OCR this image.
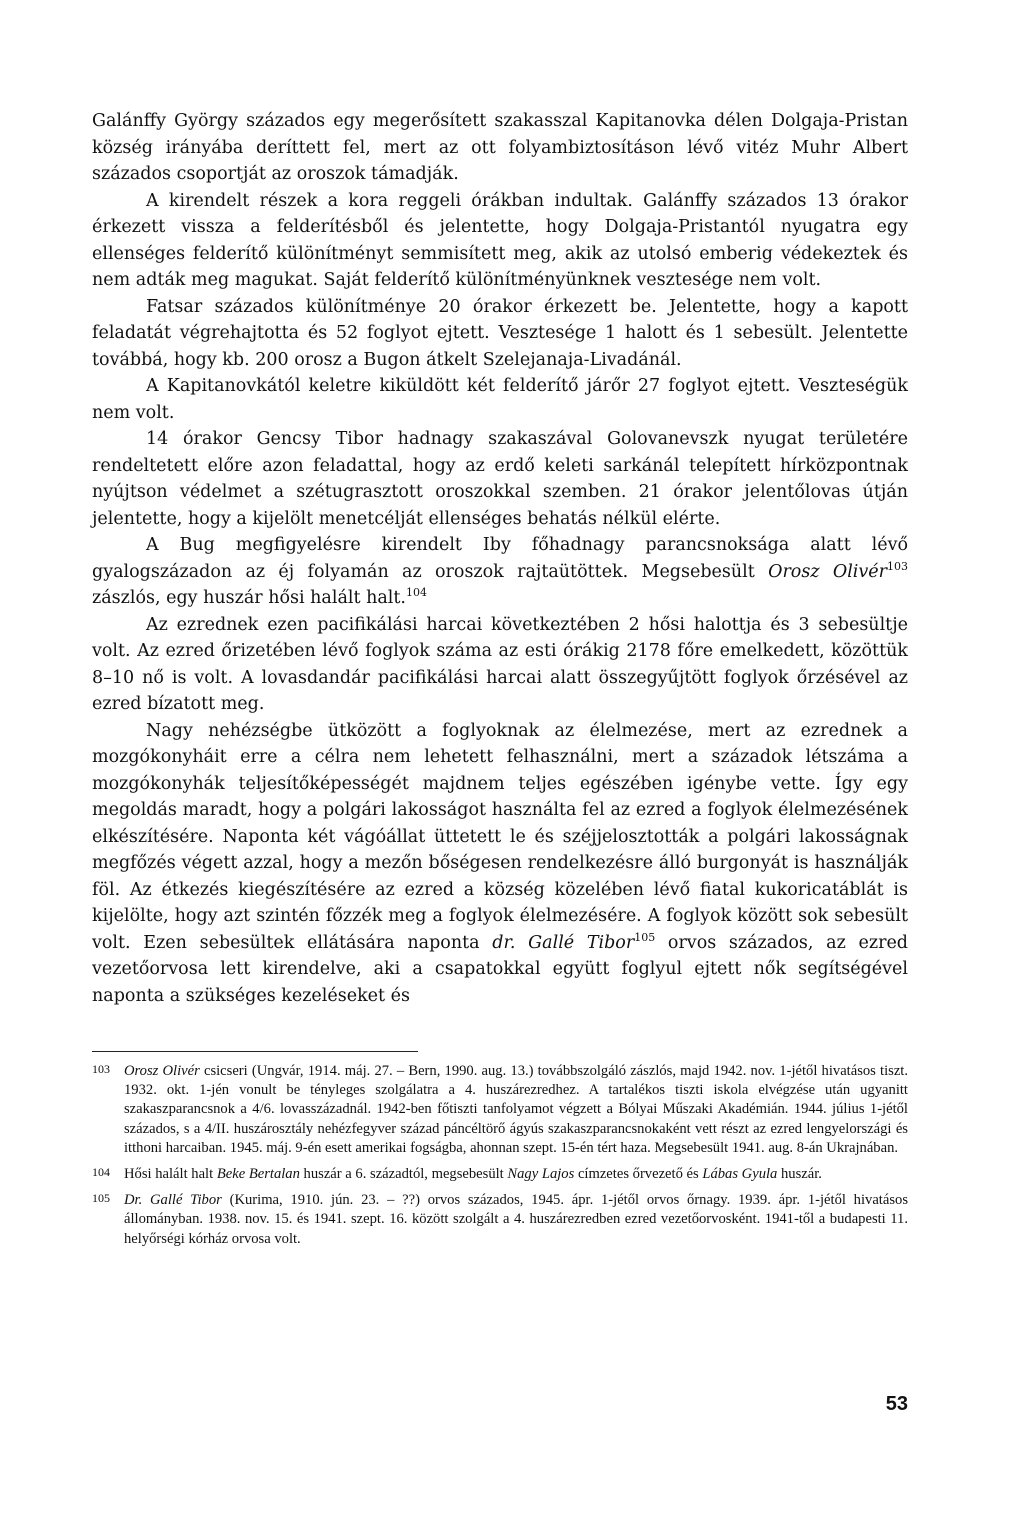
Galánffy György százados egy megerősített szakasszal Kapitanovka délen Dolgaja-Pristan község irányába deríttett fel, mert az ott folyambiztosításon lévő vitéz Muhr Albert százados csoportját az oroszok támadják.

A kirendelt részek a kora reggeli órákban indultak. Galánffy százados 13 órakor érkezett vissza a felderítésből és jelentette, hogy Dolgaja-Pristantól nyugatra egy ellenséges felderítő különítményt semmisített meg, akik az utolsó emberig védekeztek és nem adták meg magukat. Saját felderítő különítményünknek vesztesége nem volt.

Fatsar százados különítménye 20 órakor érkezett be. Jelentette, hogy a kapott feladatát végrehajtotta és 52 foglyot ejtett. Vesztesége 1 halott és 1 sebesült. Jelentette továbbá, hogy kb. 200 orosz a Bugon átkelt Szelejanaja-Livadánál.

A Kapitanovkától keletre kiküldött két felderítő járőr 27 foglyot ejtett. Veszteségük nem volt.

14 órakor Gencsy Tibor hadnagy szakaszával Golovanevszk nyugat területére rendeltetett előre azon feladattal, hogy az erdő keleti sarkánál telepített hírközpontnak nyújtson védelmet a szétugrasztott oroszokkal szemben. 21 órakor jelentőlovas útján jelentette, hogy a kijelölt menetcélját ellenséges behatás nélkül elérte.

A Bug megfigyelésre kirendelt Iby főhadnagy parancsnoksága alatt lévő gyalogszázadon az éj folyamán az oroszok rajtaütöttek. Megsebesült Orosz Olivér$^{103}$ zászlós, egy huszár hősi halált halt.$^{104}$

Az ezrednek ezen pacifikálási harcai következtében 2 hősi halottja és 3 sebesültje volt. Az ezred őrizetében lévő foglyok száma az esti órákig 2178 főre emelkedett, közöttük 8–10 nő is volt. A lovasdandár pacifikálási harcai alatt összegyűjtött foglyok őrzésével az ezred bízatott meg.

Nagy nehézségbe ütközött a foglyoknak az élelmezése, mert az ezrednek a mozgókonyháit erre a célra nem lehetett felhasználni, mert a századok létszáma a mozgókonyhák teljesítőképességét majdnem teljes egészében igénybe vette. Így egy megoldás maradt, hogy a polgári lakosságot használta fel az ezred a foglyok élelmezésének elkészítésére. Naponta két vágóállat üttetett le és széjjelosztották a polgári lakosságnak megfőzés végett azzal, hogy a mezőn bőségesen rendelkezésre álló burgonyát is használják föl. Az étkezés kiegészítésére az ezred a község közelében lévő fiatal kukoricatáblát is kijelölte, hogy azt szintén főzzék meg a foglyok élelmezésére. A foglyok között sok sebesült volt. Ezen sebesültek ellátására naponta dr. Gallé Tibor$^{105}$ orvos százados, az ezred vezetőorvosa lett kirendelve, aki a csapatokkal együtt foglyul ejtett nők segítségével naponta a szükséges kezeléseket és

103 Orosz Olivér csicseri (Ungvár, 1914. máj. 27. – Bern, 1990. aug. 13.) továbbszolgáló zászlós, majd 1942. nov. 1-jétől hivatásos tiszt. 1932. okt. 1-jén vonult be tényleges szolgálatra a 4. huszárezredhez. A tartalékos tiszti iskola elvégzése után ugyanitt szakaszparancsnok a 4/6. lovasszázadnál. 1942-ben főtiszti tanfolyamot végzett a Bólyai Műszaki Akadémián. 1944. július 1-jétől százados, s a 4/II. huszárosztály nehézfegyver század páncéltörő ágyús szakaszparancsnokaként vett részt az ezred lengyelországi és itthoni harcaiban. 1945. máj. 9-én esett amerikai fogságba, ahonnan szept. 15-én tért haza. Megsebesült 1941. aug. 8-án Ukrajnában.
104 Hősi halált halt Beke Bertalan huszár a 6. századtól, megsebesült Nagy Lajos címzetes őrvezető és Lábas Gyula huszár.
105 Dr. Gallé Tibor (Kurima, 1910. jún. 23. – ??) orvos százados, 1945. ápr. 1-jétől orvos őrnagy. 1939. ápr. 1-jétől hivatásos állományban. 1938. nov. 15. és 1941. szept. 16. között szolgált a 4. huszárezredben ezred vezetőorvosként. 1941-től a budapesti 11. helyőrségi kórház orvosa volt.
53
